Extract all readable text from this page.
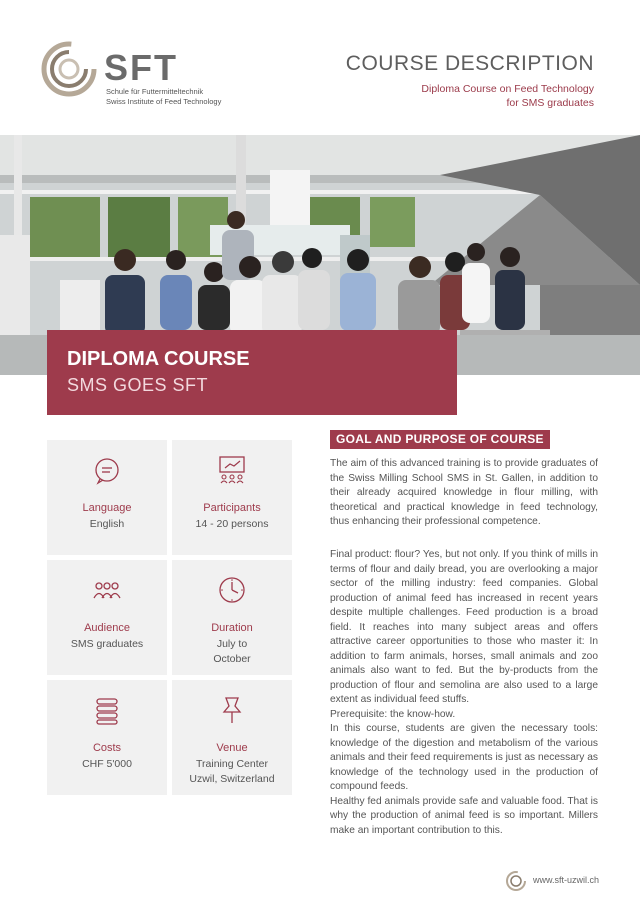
SFT
Schule für Futtermitteltechnik
Swiss Institute of Feed Technology
COURSE DESCRIPTION
Diploma Course on Feed Technology
for SMS graduates
DIPLOMA COURSE
SMS GOES SFT
Language
English
Participants
14 - 20 persons
Audience
SMS graduates
Duration
July to
October
Costs
CHF 5'000
Venue
Training Center
Uzwil, Switzerland
GOAL AND PURPOSE OF COURSE
The aim of this advanced training is to provide graduates of the Swiss Milling School SMS in St. Gallen, in addition to their already acquired knowledge in flour milling, with theoretical and practical knowledge in feed technology, thus enhancing their professional competence.
Final product: flour? Yes, but not only. If you think of mills in terms of flour and daily bread, you are overlooking a major sector of the milling industry: feed companies. Global production of animal feed has increased in recent years despite multiple challenges. Feed production is a broad field. It reaches into many subject areas and offers attractive career opportunities to those who master it: In addition to farm animals, horses, small animals and zoo animals also want to fed. But the by-products from the production of flour and semolina are also used to a large extent as individual feed stuffs.
Prerequisite: the know-how.
In this course, students are given the necessary tools: knowledge of the digestion and metabolism of the various animals and their feed requirements is just as necessary as knowledge of the technology used in the production of compound feeds.
Healthy fed animals provide safe and valuable food. That is why the production of animal feed is so important. Millers make an important contribution to this.
www.sft-uzwil.ch
